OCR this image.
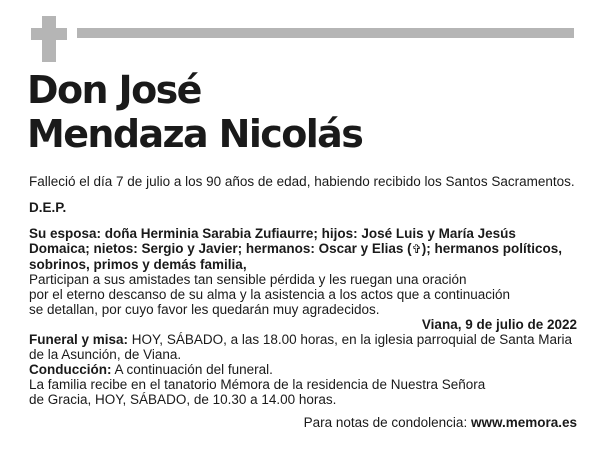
Don José
Mendaza Nicolás

Falleció el día 7 de julio a los 90 años de edad, habiendo recibido los Santos Sacramentos.

D.E.P.

Su esposa: doña Herminia Sarabia Zufiaurre; hijos: José Luis y María Jesús Domaica; nietos: Sergio y Javier; hermanos: Oscar y Elias (✞); hermanos políticos, sobrinos, primos y demás familia,

Participan a sus amistades tan sensible pérdida y les ruegan una oración

por el eterno descanso de su alma y la asistencia a los actos que a continuación

se detallan, por cuyo favor les quedarán muy agradecidos.

Viana, 9 de julio de 2022

Funeral y misa: HOY, SÁBADO, a las 18.00 horas, en la iglesia parroquial de Santa Maria de la Asunción, de Viana.

Conducción: A continuación del funeral.

La familia recibe en el tanatorio Mémora de la residencia de Nuestra Señora

de Gracia, HOY, SÁBADO, de 10.30 a 14.00 horas.

Para notas de condolencia: www.memora.es
